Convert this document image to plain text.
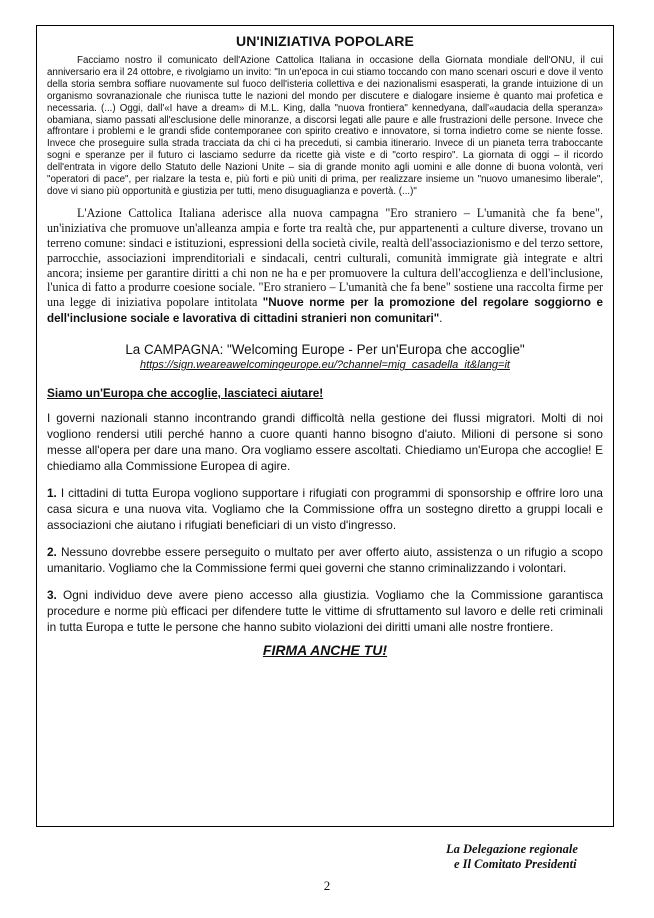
UN'INIZIATIVA POPOLARE

Facciamo nostro il comunicato dell'Azione Cattolica Italiana in occasione della Giornata mondiale dell'ONU, il cui anniversario era il 24 ottobre, e rivolgiamo un invito: "In un'epoca in cui stiamo toccando con mano scenari oscuri e dove il vento della storia sembra soffiare nuovamente sul fuoco dell'isteria collettiva e dei nazionalismi esasperati, la grande intuizione di un organismo sovranazionale che riunisca tutte le nazioni del mondo per discutere e dialogare insieme è quanto mai profetica e necessaria. (...) Oggi, dall'«I have a dream» di M.L. King, dalla "nuova frontiera" kennedyana, dall'«audacia della speranza» obamiana, siamo passati all'esclusione delle minoranze, a discorsi legati alle paure e alle frustrazioni delle persone. Invece che affrontare i problemi e le grandi sfide contemporanee con spirito creativo e innovatore, si torna indietro come se niente fosse. Invece che proseguire sulla strada tracciata da chi ci ha preceduti, si cambia itinerario. Invece di un pianeta terra traboccante sogni e speranze per il futuro ci lasciamo sedurre da ricette già viste e di "corto respiro". La giornata di oggi – il ricordo dell'entrata in vigore dello Statuto delle Nazioni Unite – sia di grande monito agli uomini e alle donne di buona volontà, veri "operatori di pace", per rialzare la testa e, più forti e più uniti di prima, per realizzare insieme un "nuovo umanesimo liberale", dove vi siano più opportunità e giustizia per tutti, meno disuguaglianza e povertà. (...)"

L'Azione Cattolica Italiana aderisce alla nuova campagna "Ero straniero – L'umanità che fa bene", un'iniziativa che promuove un'alleanza ampia e forte tra realtà che, pur appartenenti a culture diverse, trovano un terreno comune: sindaci e istituzioni, espressioni della società civile, realtà dell'associazionismo e del terzo settore, parrocchie, associazioni imprenditoriali e sindacali, centri culturali, comunità immigrate già integrate e altri ancora; insieme per garantire diritti a chi non ne ha e per promuovere la cultura dell'accoglienza e dell'inclusione, l'unica di fatto a produrre coesione sociale. "Ero straniero – L'umanità che fa bene" sostiene una raccolta firme per una legge di iniziativa popolare intitolata "Nuove norme per la promozione del regolare soggiorno e dell'inclusione sociale e lavorativa di cittadini stranieri non comunitari".

La CAMPAGNA: "Welcoming Europe - Per un'Europa che accoglie"
https://sign.weareawelcomingeurope.eu/?channel=mig_casadella_it&lang=it
Siamo un'Europa che accoglie, lasciateci aiutare!

I governi nazionali stanno incontrando grandi difficoltà nella gestione dei flussi migratori. Molti di noi vogliono rendersi utili perché hanno a cuore quanti hanno bisogno d'aiuto. Milioni di persone si sono messe all'opera per dare una mano. Ora vogliamo essere ascoltati. Chiediamo un'Europa che accoglie! E chiediamo alla Commissione Europea di agire.

1. I cittadini di tutta Europa vogliono supportare i rifugiati con programmi di sponsorship e offrire loro una casa sicura e una nuova vita. Vogliamo che la Commissione offra un sostegno diretto a gruppi locali e associazioni che aiutano i rifugiati beneficiari di un visto d'ingresso.

2. Nessuno dovrebbe essere perseguito o multato per aver offerto aiuto, assistenza o un rifugio a scopo umanitario. Vogliamo che la Commissione fermi quei governi che stanno criminalizzando i volontari.

3. Ogni individuo deve avere pieno accesso alla giustizia. Vogliamo che la Commissione garantisca procedure e norme più efficaci per difendere tutte le vittime di sfruttamento sul lavoro e delle reti criminali in tutta Europa e tutte le persone che hanno subito violazioni dei diritti umani alle nostre frontiere.

FIRMA ANCHE TU!
La Delegazione regionale
e Il Comitato Presidenti
2
